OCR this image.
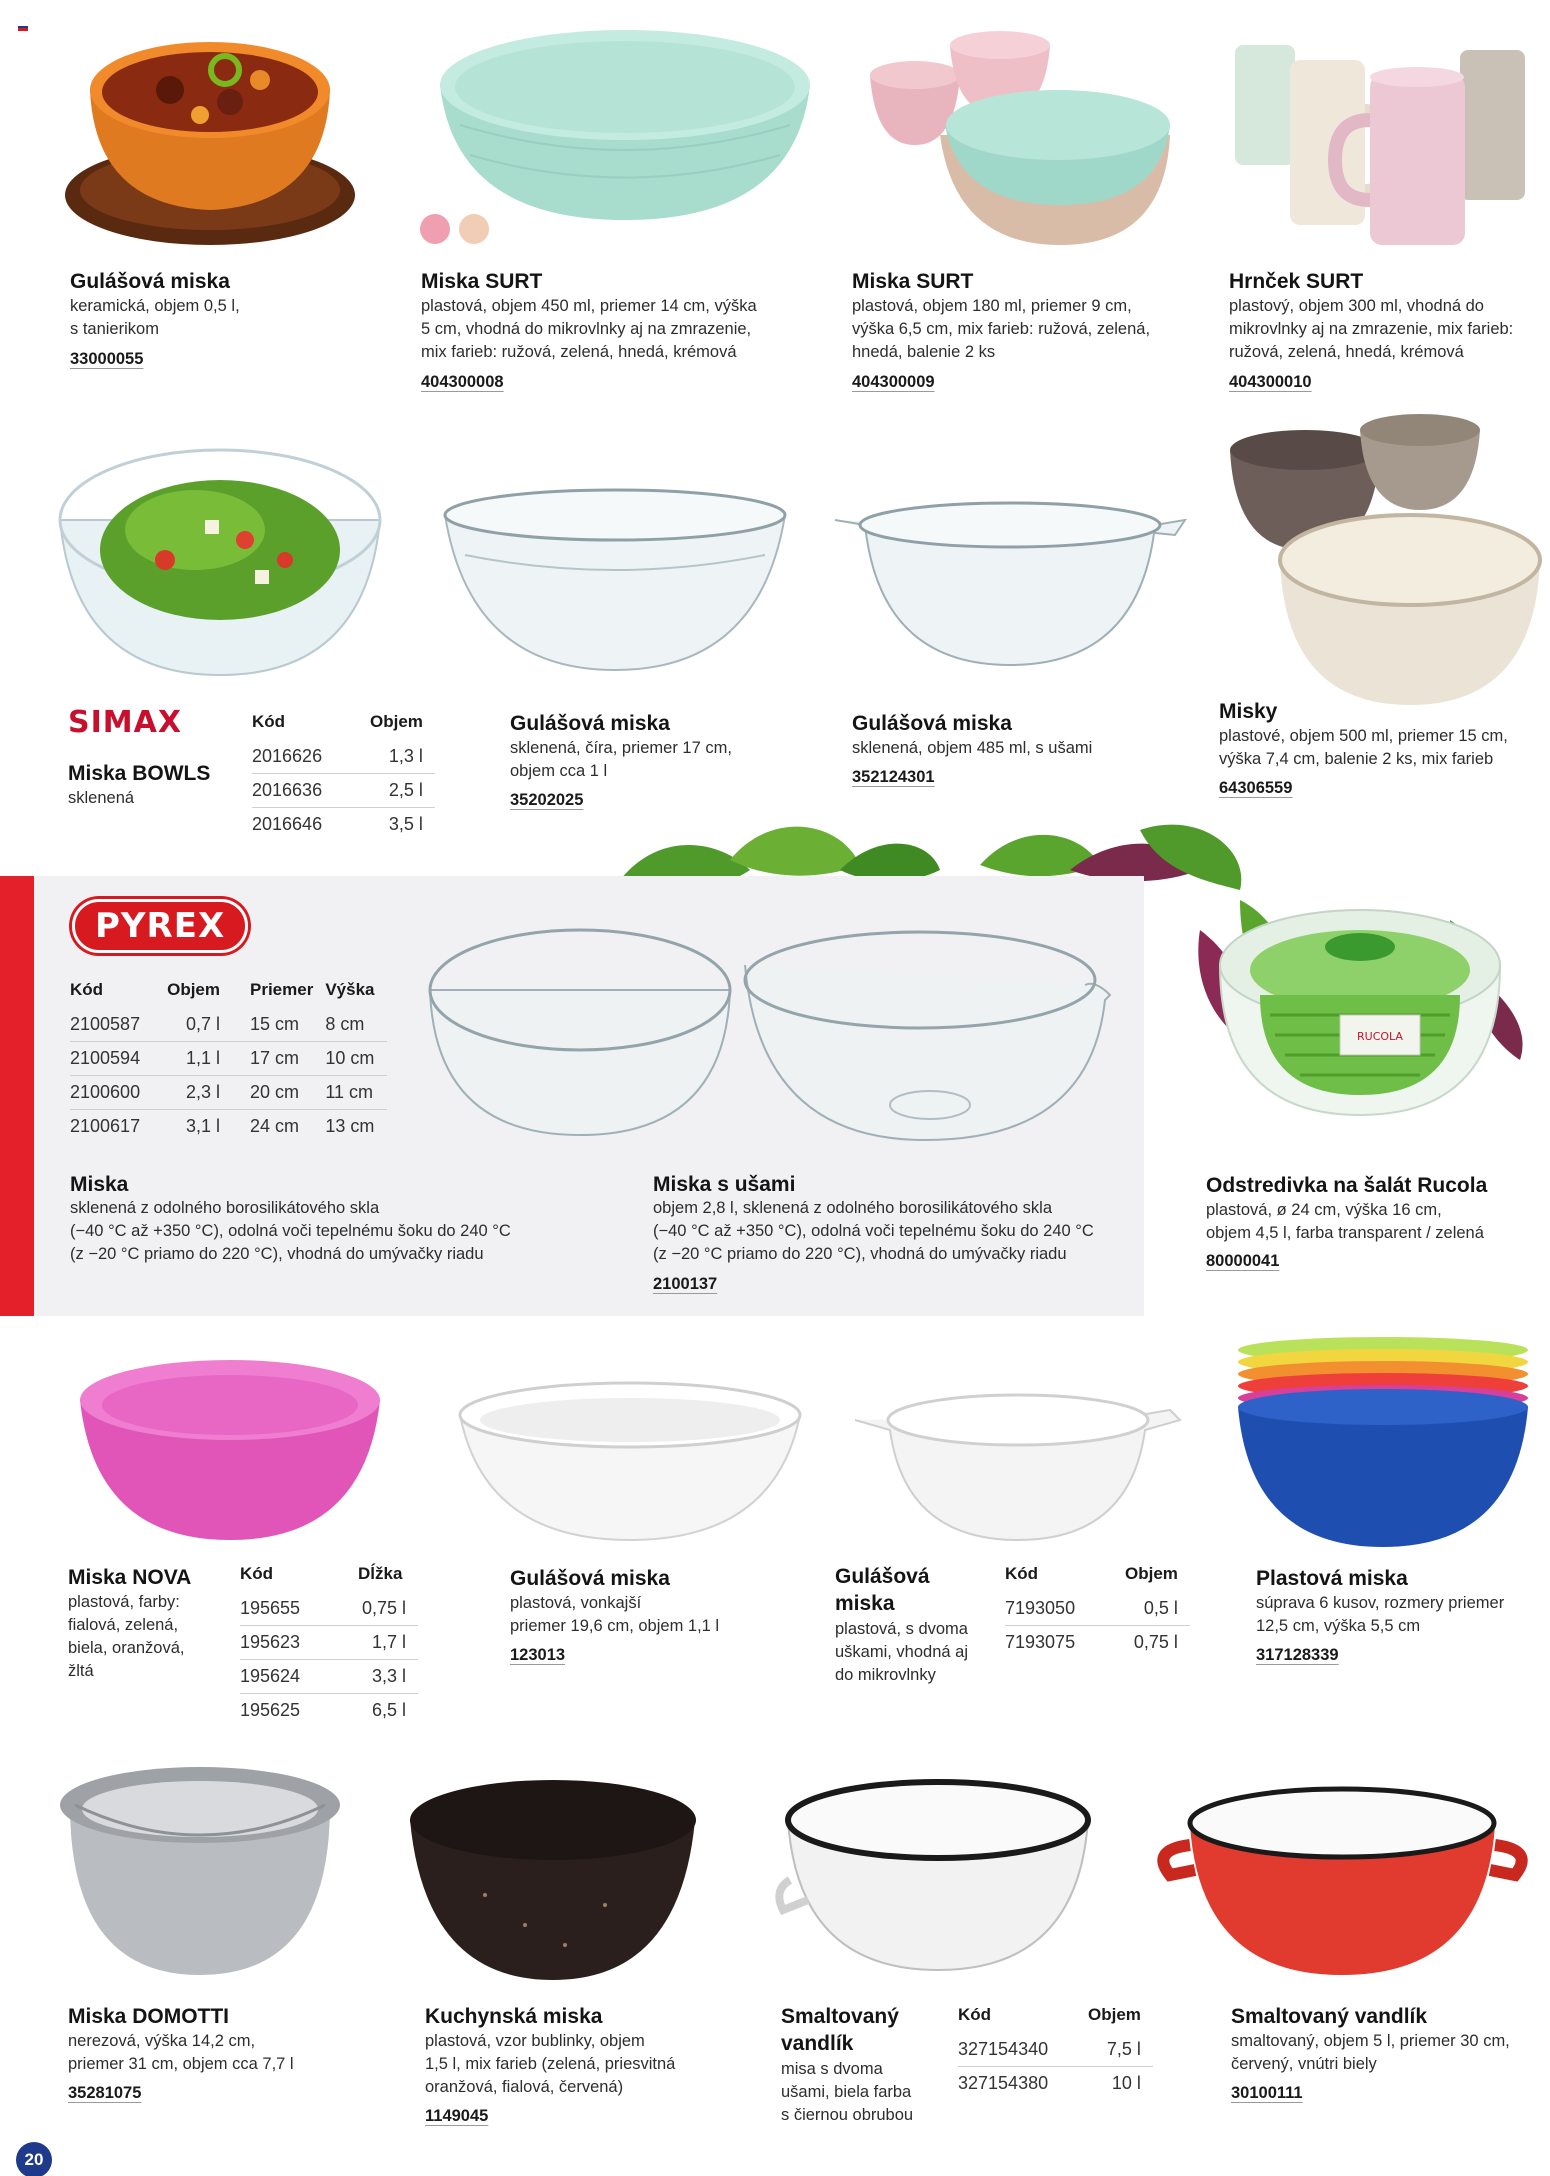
Gulášová miska
keramická, objem 0,5 l,
s tanierikom
33000055
Miska SURT
plastová, objem 450 ml, priemer 14 cm, výška
5 cm, vhodná do mikrovlnky aj na zmrazenie,
mix farieb: ružová, zelená, hnedá, krémová
404300008
Miska SURT
plastová, objem 180 ml, priemer 9 cm,
výška 6,5 cm, mix farieb: ružová, zelená,
hnedá, balenie 2 ks
404300009
Hrnček SURT
plastový, objem 300 ml, vhodná do
mikrovlnky aj na zmrazenie, mix farieb:
ružová, zelená, hnedá, krémová
404300010
SIMAX
Miska BOWLS
sklenená
Kód	Objem
2016626	1,3 l
2016636	2,5 l
2016646	3,5 l
Gulášová miska
sklenená, číra, priemer 17 cm,
objem cca 1 l
35202025
Gulášová miska
sklenená, objem 485 ml, s ušami
352124301
Misky
plastové, objem 500 ml, priemer 15 cm,
výška 7,4 cm, balenie 2 ks, mix farieb
64306559
PYREX
Kód	Objem	Priemer	Výška
2100587	0,7 l	15 cm	8 cm
2100594	1,1 l	17 cm	10 cm
2100600	2,3 l	20 cm	11 cm
2100617	3,1 l	24 cm	13 cm
Miska
sklenená z odolného borosilikátového skla
(−40 °C až +350 °C), odolná voči tepelnému šoku do 240 °C
(z −20 °C priamo do 220 °C), vhodná do umývačky riadu
Miska s ušami
objem 2,8 l, sklenená z odolného borosilikátového skla
(−40 °C až +350 °C), odolná voči tepelnému šoku do 240 °C
(z −20 °C priamo do 220 °C), vhodná do umývačky riadu
2100137
RUCOLA
Odstredivka na šalát Rucola
plastová, ø 24 cm, výška 16 cm,
objem 4,5 l, farba transparent / zelená
80000041
Miska NOVA
plastová, farby:
fialová, zelená,
biela, oranžová,
žltá
Kód	Dĺžka
195655	0,75 l
195623	1,7 l
195624	3,3 l
195625	6,5 l
Gulášová miska
plastová, vonkajší
priemer 19,6 cm, objem 1,1 l
123013
Gulášová
miska
plastová, s dvoma
uškami, vhodná aj
do mikrovlnky
Kód	Objem
7193050	0,5 l
7193075	0,75 l
Plastová miska
súprava 6 kusov, rozmery priemer
12,5 cm, výška 5,5 cm
317128339
Miska DOMOTTI
nerezová, výška 14,2 cm,
priemer 31 cm, objem cca 7,7 l
35281075
Kuchynská miska
plastová, vzor bublinky, objem
1,5 l, mix farieb (zelená, priesvitná
oranžová, fialová, červená)
1149045
Smaltovaný
vandlík
misa s dvoma
ušami, biela farba
s čiernou obrubou
Kód	Objem
327154340	7,5 l
327154380	10 l
Smaltovaný vandlík
smaltovaný, objem 5 l, priemer 30 cm,
červený, vnútri biely
30100111
20
